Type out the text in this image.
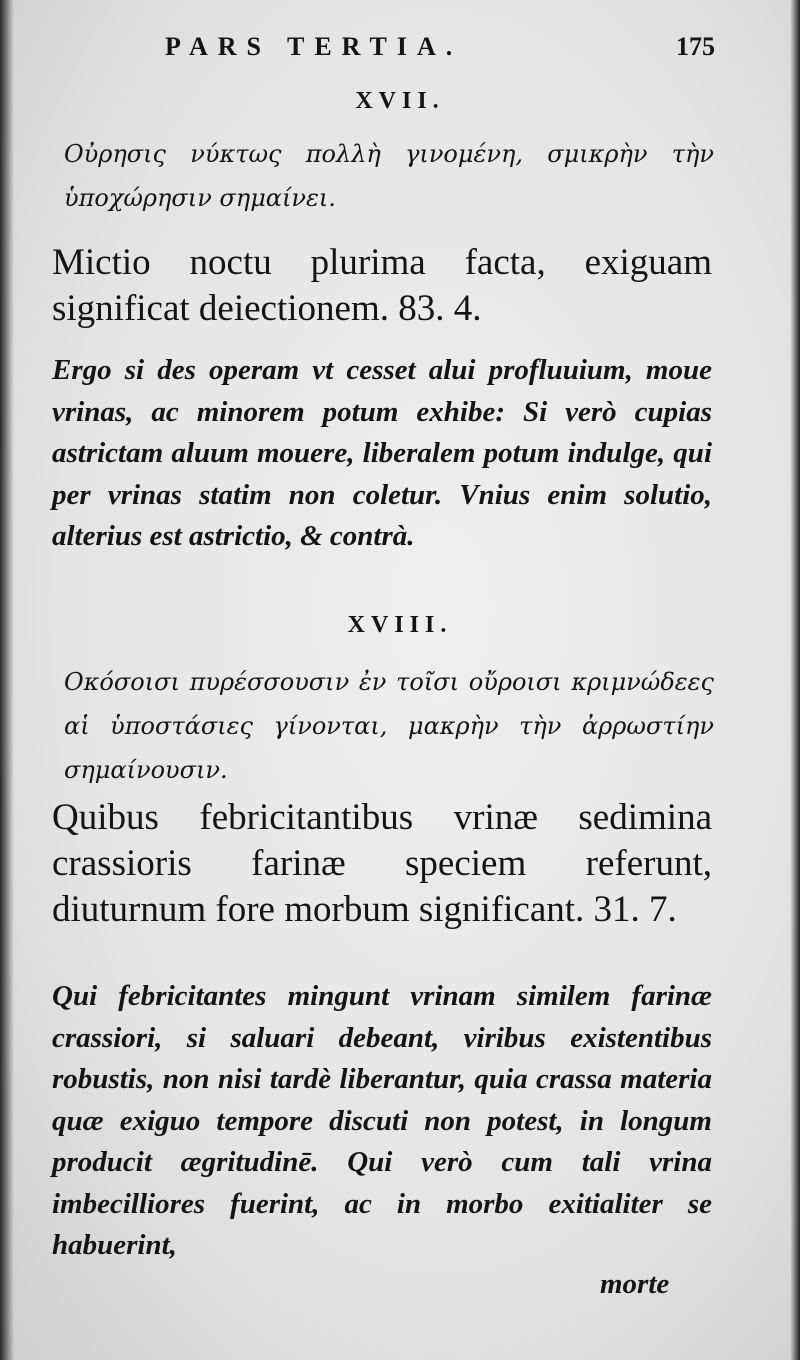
PARS TERTIA.	175
XVII.
Οὐρησις νύκτως πολλὴ γινομένη, σμικρὴν τὴν ὑποχώρησιν σημαίνει.
Mictio noctu plurima facta, exiguam significat deiectionem. 83. 4.
Ergo si des operam vt cesset alui profluuium, moue vrinas, ac minorem potum exhibe: Si verò cupias astrictam aluum mouere, liberalem potum indulge, qui per vrinas statim non coletur. Vnius enim solutio, alterius est astrictio, & contrà.
XVIII.
Οκόσοισι πυρέσσουσιν ἐν τοῖσι οὔροισι κριμνώδεες αἱ ὑποστάσιες γίνονται, μακρὴν τὴν ἀρρωστίην σημαίνουσιν.
Quibus febricitantibus vrinæ sedimina crassioris farinæ speciem referunt, diuturnum fore morbum significant. 31. 7.
Qui febricitantes mingunt vrinam similem farinæ crassiori, si saluari debeant, viribus existentibus robustis, non nisi tardè liberantur, quia crassa materia quæ exiguo tempore discuti non potest, in longum producit ægritudinē. Qui verò cum tali vrina imbecilliores fuerint, ac in morbo exitialiter se habuerint,
morte
